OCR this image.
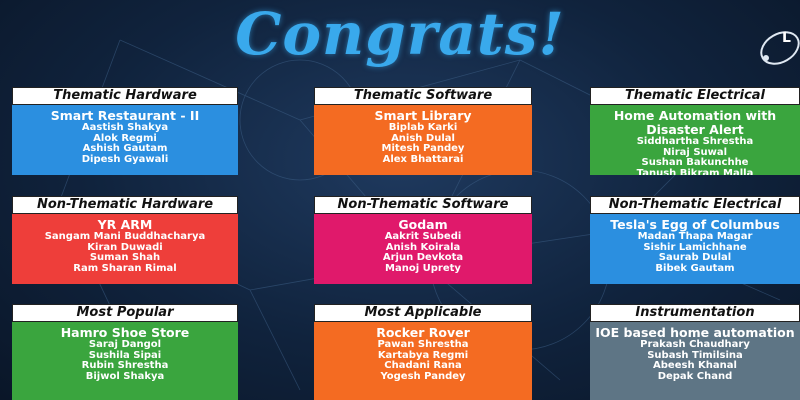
Congrats!	L
Thematic Hardware
Smart Restaurant - II
Aastish Shakya
Alok Regmi
Ashish Gautam
Dipesh Gyawali
Thematic Software
Smart Library
Biplab Karki
Anish Dulal
Mitesh Pandey
Alex Bhattarai
Thematic Electrical
Home Automation with Disaster Alert
Siddhartha Shrestha
Niraj Suwal
Sushan Bakunchhe
Tanush Bikram Malla
Non-Thematic Hardware
YR ARM
Sangam Mani Buddhacharya
Kiran Duwadi
Suman Shah
Ram Sharan Rimal
Non-Thematic Software
Godam
Aakrit Subedi
Anish Koirala
Arjun Devkota
Manoj Uprety
Non-Thematic Electrical
Tesla's Egg of Columbus
Madan Thapa Magar
Sishir Lamichhane
Saurab Dulal
Bibek Gautam
Most Popular
Hamro Shoe Store
Saraj Dangol
Sushila Sipai
Rubin Shrestha
Bijwol Shakya
Most Applicable
Rocker Rover
Pawan Shrestha
Kartabya Regmi
Chadani Rana
Yogesh Pandey
Instrumentation
IOE based home automation
Prakash Chaudhary
Subash Timilsina
Abeesh Khanal
Depak Chand
